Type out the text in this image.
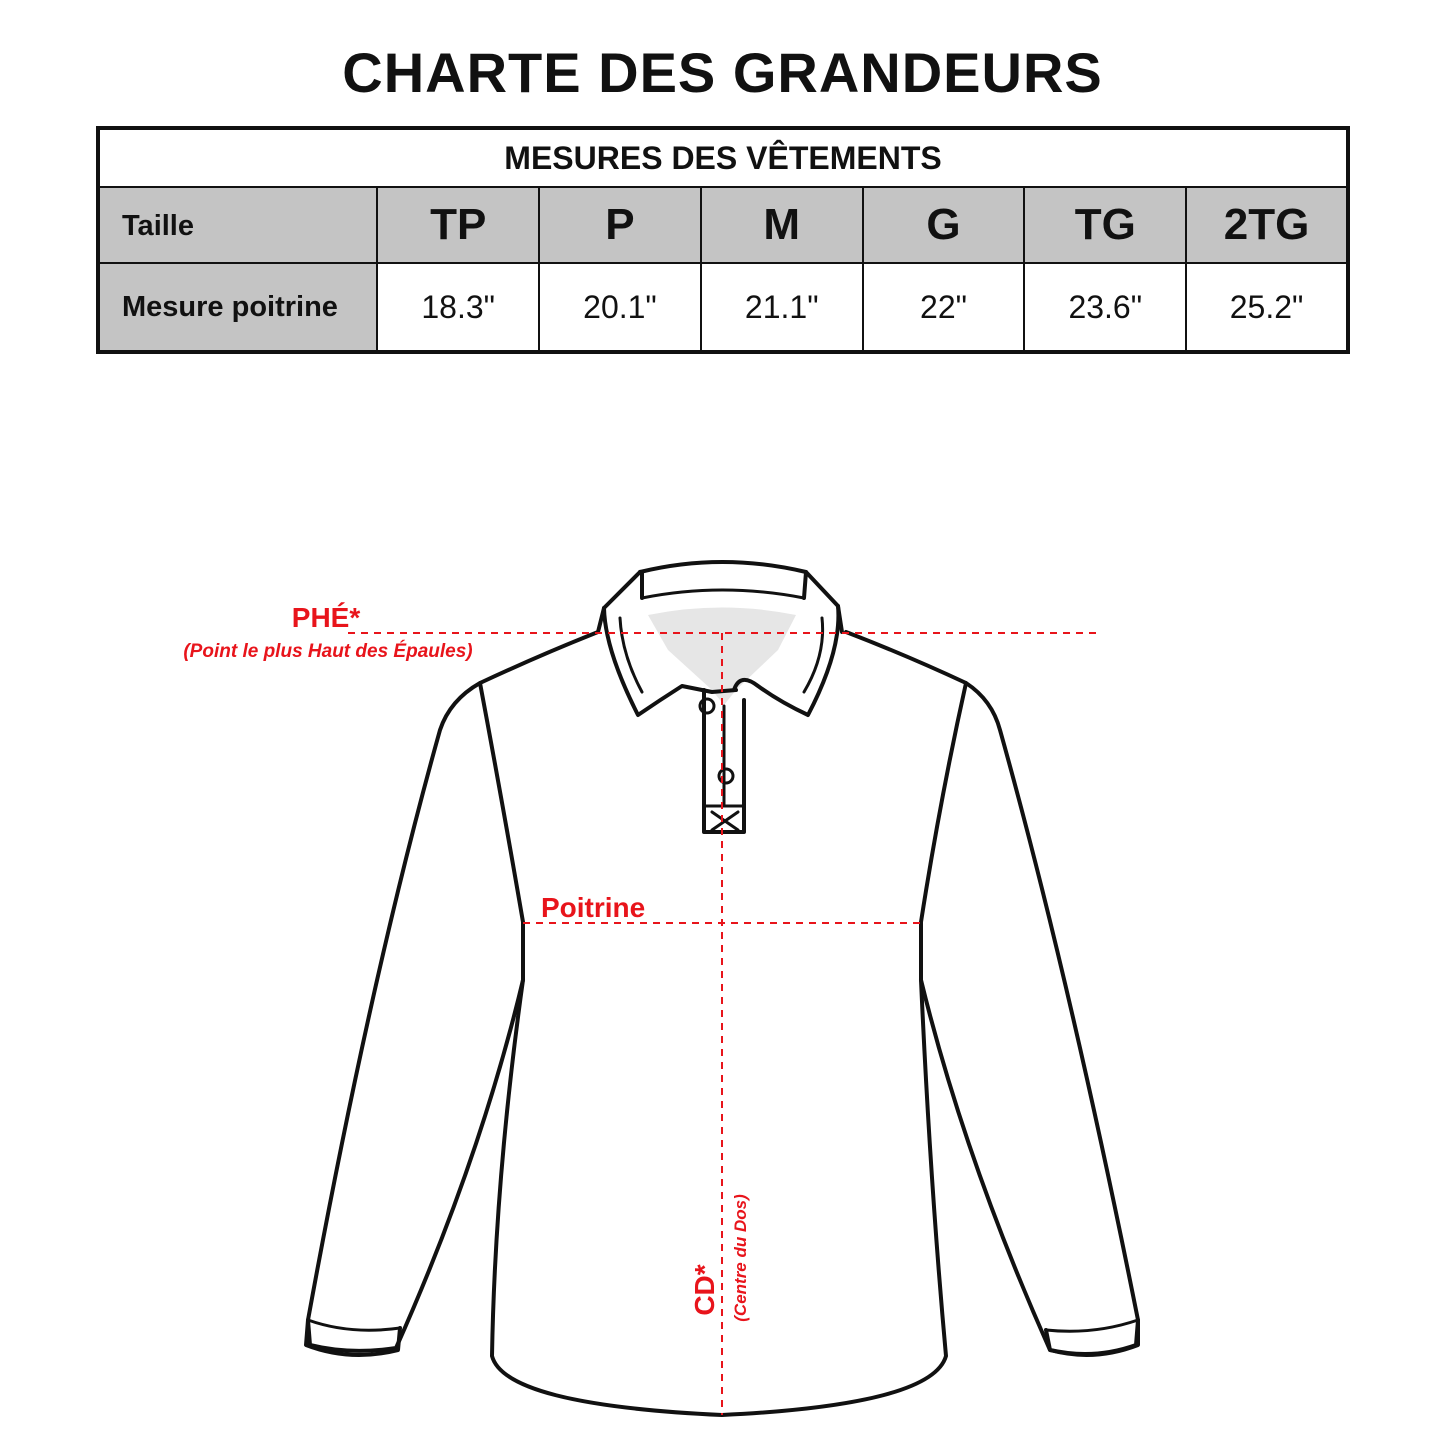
CHARTE DES GRANDEURS
MESURES DES VÊTEMENTS						
Taille	TP	P	M	G	TG	2TG
Mesure poitrine	18.3"	20.1"	21.1"	22"	23.6"	25.2"
PHÉ*
(Point le plus Haut des Épaules)
Poitrine
CD* (Centre du Dos)
